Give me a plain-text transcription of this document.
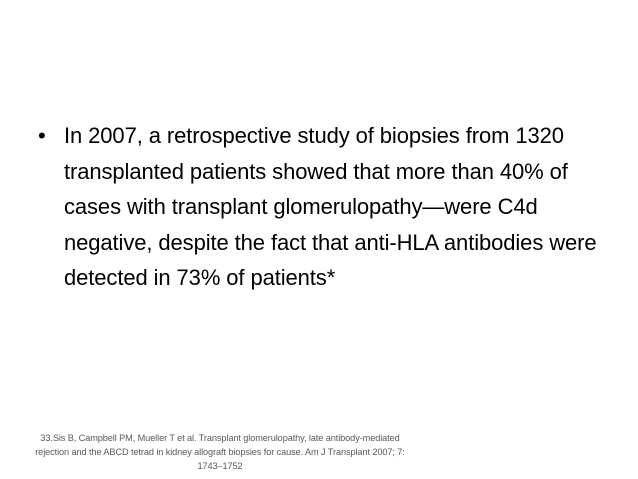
• In 2007, a retrospective study of biopsies from 1320 transplanted patients showed that more than 40% of cases with transplant glomerulopathy—were C4d negative, despite the fact that anti-HLA antibodies were detected in 73% of patients*
33.Sis B, Campbell PM, Mueller T et al. Transplant glomerulopathy, late antibody-mediated rejection and the ABCD tetrad in kidney allograft biopsies for cause. Am J Transplant 2007; 7: 1743–1752
